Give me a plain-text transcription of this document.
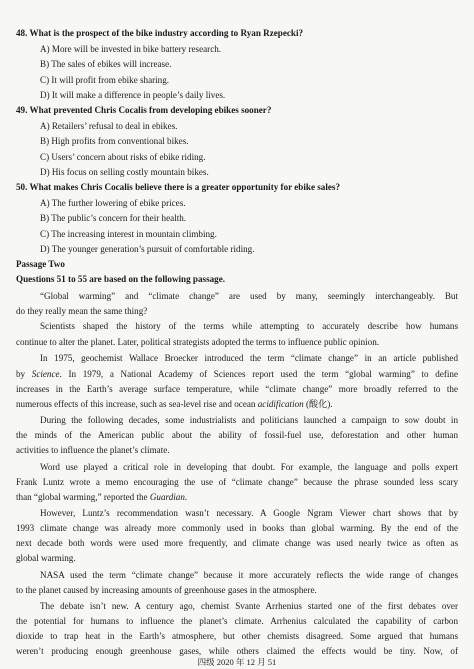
48. What is the prospect of the bike industry according to Ryan Rzepecki?
A) More will be invested in bike battery research.
B) The sales of ebikes will increase.
C) It will profit from ebike sharing.
D) It will make a difference in people’s daily lives.
49. What prevented Chris Cocalis from developing ebikes sooner?
A) Retailers’ refusal to deal in ebikes.
B) High profits from conventional bikes.
C) Users’ concern about risks of ebike riding.
D) His focus on selling costly mountain bikes.
50. What makes Chris Cocalis believe there is a greater opportunity for ebike sales?
A) The further lowering of ebike prices.
B) The public’s concern for their health.
C) The increasing interest in mountain climbing.
D) The younger generation’s pursuit of comfortable riding.
Passage Two
Questions 51 to 55 are based on the following passage.
“Global warming” and “climate change” are used by many, seemingly interchangeably. But
do they really mean the same thing?
Scientists shaped the history of the terms while attempting to accurately describe how humans
continue to alter the planet. Later, political strategists adopted the terms to influence public opinion.
In 1975, geochemist Wallace Broecker introduced the term “climate change” in an article published
by Science. In 1979, a National Academy of Sciences report used the term “global warming” to define
increases in the Earth’s average surface temperature, while “climate change” more broadly referred to the
numerous effects of this increase, such as sea-level rise and ocean acidification (酸化).
During the following decades, some industrialists and politicians launched a campaign to sow doubt in
the minds of the American public about the ability of fossil-fuel use, deforestation and other human
activities to influence the planet’s climate.
Word use played a critical role in developing that doubt. For example, the language and polls expert
Frank Luntz wrote a memo encouraging the use of “climate change” because the phrase sounded less scary
than “global warming,” reported the Guardian.
However, Luntz’s recommendation wasn’t necessary. A Google Ngram Viewer chart shows that by
1993 climate change was already more commonly used in books than global warming. By the end of the
next decade both words were used more frequently, and climate change was used nearly twice as often as
global warming.
NASA used the term “climate change” because it more accurately reflects the wide range of changes
to the planet caused by increasing amounts of greenhouse gases in the atmosphere.
The debate isn’t new. A century ago, chemist Svante Arrhenius started one of the first debates over
the potential for humans to influence the planet’s climate. Arrhenius calculated the capability of carbon
dioxide to trap heat in the Earth’s atmosphere, but other chemists disagreed. Some argued that humans
weren’t producing enough greenhouse gases, while others claimed the effects would be tiny. Now, of
四级 2020 年 12 月 51
